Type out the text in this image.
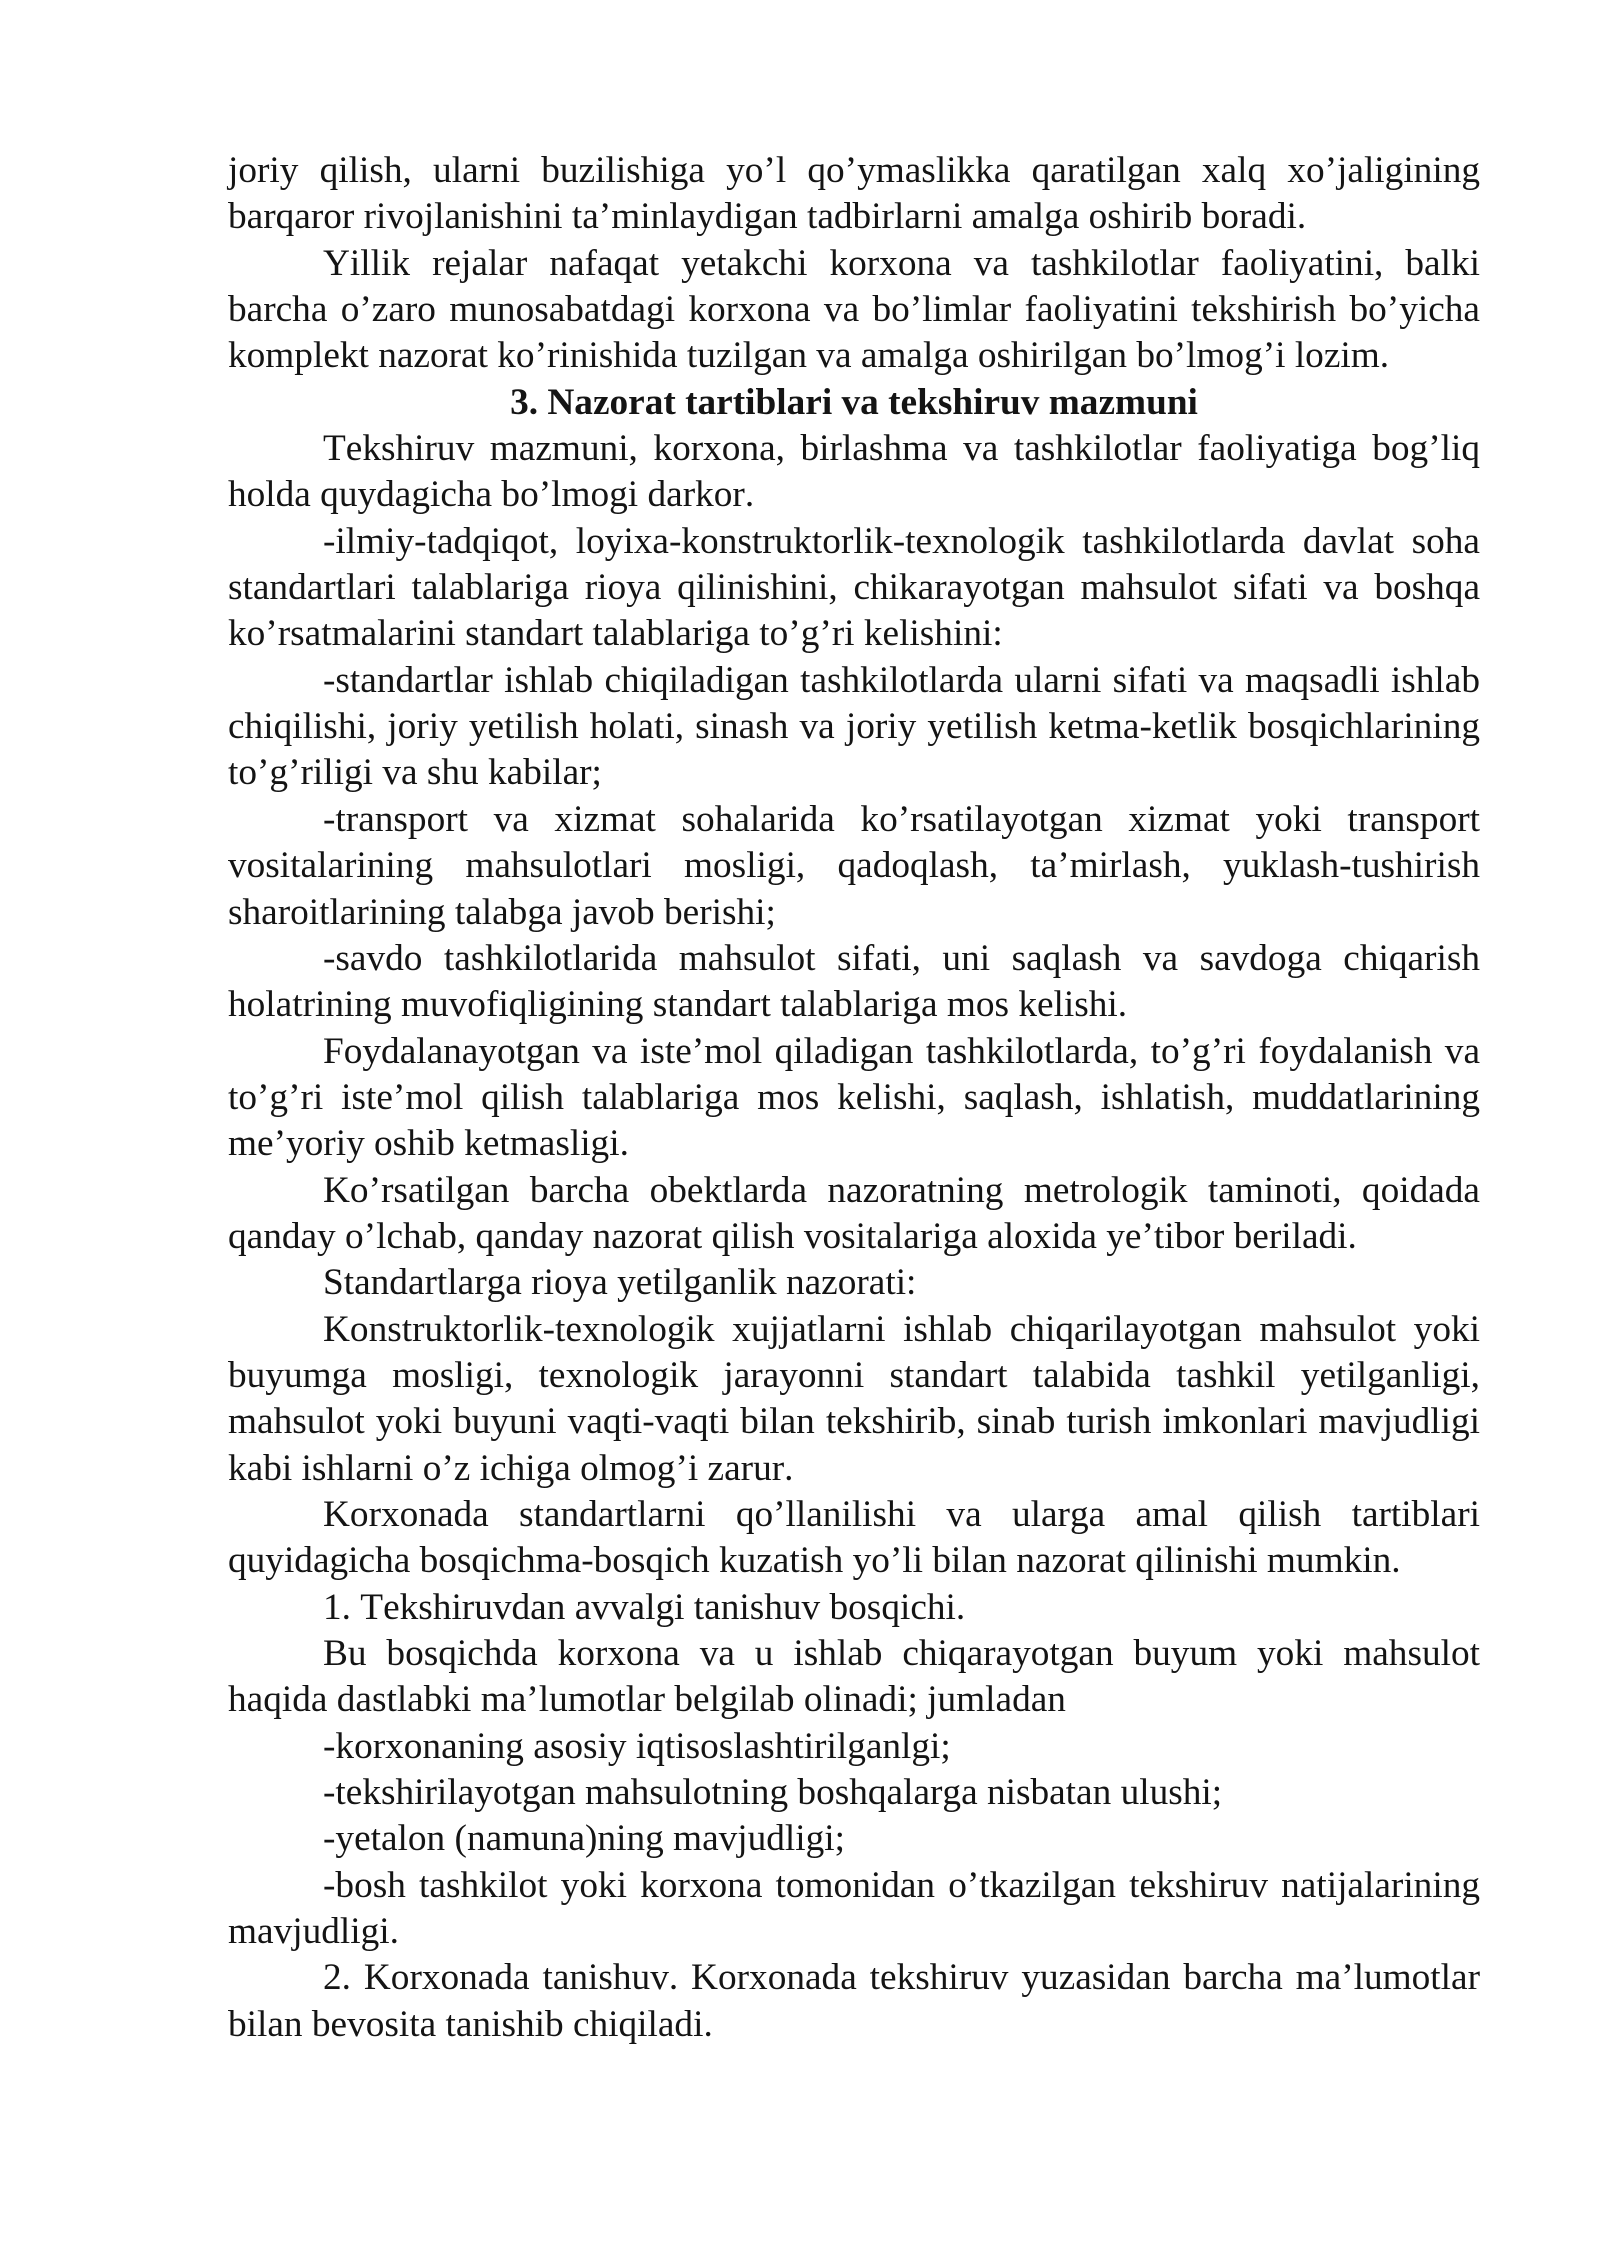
joriy qilish, ularni buzilishiga yo’l qo’ymaslikka qaratilgan xalq xo’jaligining
barqaror rivojlanishini ta’minlaydigan tadbirlarni amalga oshirib boradi.
Yillik rejalar nafaqat yetakchi korxona va tashkilotlar faoliyatini, balki
barcha o’zaro munosabatdagi korxona va bo’limlar faoliyatini tekshirish bo’yicha
komplekt nazorat ko’rinishida tuzilgan va amalga oshirilgan bo’lmog’i lozim.
3. Nazorat tartiblari va tekshiruv mazmuni
Tekshiruv mazmuni, korxona, birlashma va tashkilotlar faoliyatiga bog’liq
holda quydagicha bo’lmogi darkor.
-ilmiy-tadqiqot, loyixa-konstruktorlik-texnologik tashkilotlarda davlat soha
standartlari talablariga rioya qilinishini, chikarayotgan mahsulot sifati va boshqa
ko’rsatmalarini standart talablariga to’g’ri kelishini:
-standartlar ishlab chiqiladigan tashkilotlarda ularni sifati va maqsadli ishlab
chiqilishi, joriy yetilish holati, sinash va joriy yetilish ketma-ketlik bosqichlarining
to’g’riligi va shu kabilar;
-transport va xizmat sohalarida ko’rsatilayotgan xizmat yoki transport
vositalarining mahsulotlari mosligi, qadoqlash, ta’mirlash, yuklash-tushirish
sharoitlarining talabga javob berishi;
-savdo tashkilotlarida mahsulot sifati, uni saqlash va savdoga chiqarish
holatrining muvofiqligining standart talablariga mos kelishi.
Foydalanayotgan va iste’mol qiladigan tashkilotlarda, to’g’ri foydalanish va
to’g’ri iste’mol qilish talablariga mos kelishi, saqlash, ishlatish, muddatlarining
me’yoriy oshib ketmasligi.
Ko’rsatilgan barcha obektlarda nazoratning metrologik taminoti, qoidada
qanday o’lchab, qanday nazorat qilish vositalariga aloxida ye’tibor beriladi.
Standartlarga rioya yetilganlik nazorati:
Konstruktorlik-texnologik xujjatlarni ishlab chiqarilayotgan mahsulot yoki
buyumga mosligi, texnologik jarayonni standart talabida tashkil yetilganligi,
mahsulot yoki buyuni vaqti-vaqti bilan tekshirib, sinab turish imkonlari mavjudligi
kabi ishlarni o’z ichiga olmog’i zarur.
Korxonada standartlarni qo’llanilishi va ularga amal qilish tartiblari
quyidagicha bosqichma-bosqich kuzatish yo’li bilan nazorat qilinishi mumkin.
1. Tekshiruvdan avvalgi tanishuv bosqichi.
Bu bosqichda korxona va u ishlab chiqarayotgan buyum yoki mahsulot
haqida dastlabki ma’lumotlar belgilab olinadi; jumladan
-korxonaning asosiy iqtisoslashtirilganlgi;
-tekshirilayotgan mahsulotning boshqalarga nisbatan ulushi;
-yetalon (namuna)ning mavjudligi;
-bosh tashkilot yoki korxona tomonidan o’tkazilgan tekshiruv natijalarining
mavjudligi.
2. Korxonada tanishuv. Korxonada tekshiruv yuzasidan barcha ma’lumotlar
bilan bevosita tanishib chiqiladi.
